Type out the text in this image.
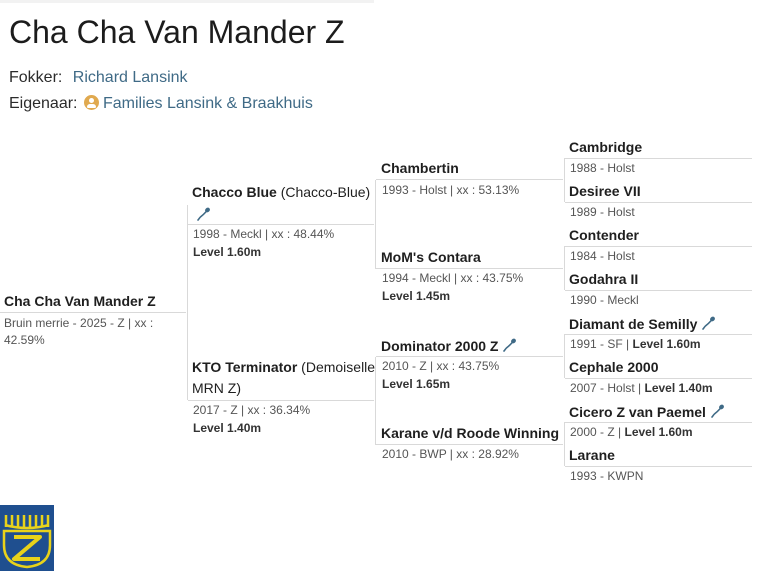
Cha Cha Van Mander Z
Fokker: Richard Lansink
Eigenaar: Families Lansink & Braakhuis
Cha Cha Van Mander Z
Bruin merrie - 2025 - Z | xx :
42.59%
Chacco Blue (Chacco-Blue)
1998 - Meckl | xx : 48.44%
Level 1.60m
KTO Terminator (Demoiselle
MRN Z)
2017 - Z | xx : 36.34%
Level 1.40m
Chambertin
1993 - Holst | xx : 53.13%
MoM's Contara
1994 - Meckl | xx : 43.75%
Level 1.45m
Dominator 2000 Z
2010 - Z | xx : 43.75%
Level 1.65m
Karane v/d Roode Winning
2010 - BWP | xx : 28.92%
Cambridge
1988 - Holst
Desiree VII
1989 - Holst
Contender
1984 - Holst
Godahra II
1990 - Meckl
Diamant de Semilly
1991 - SF | Level 1.60m
Cephale 2000
2007 - Holst | Level 1.40m
Cicero Z van Paemel
2000 - Z | Level 1.60m
Larane
1993 - KWPN
